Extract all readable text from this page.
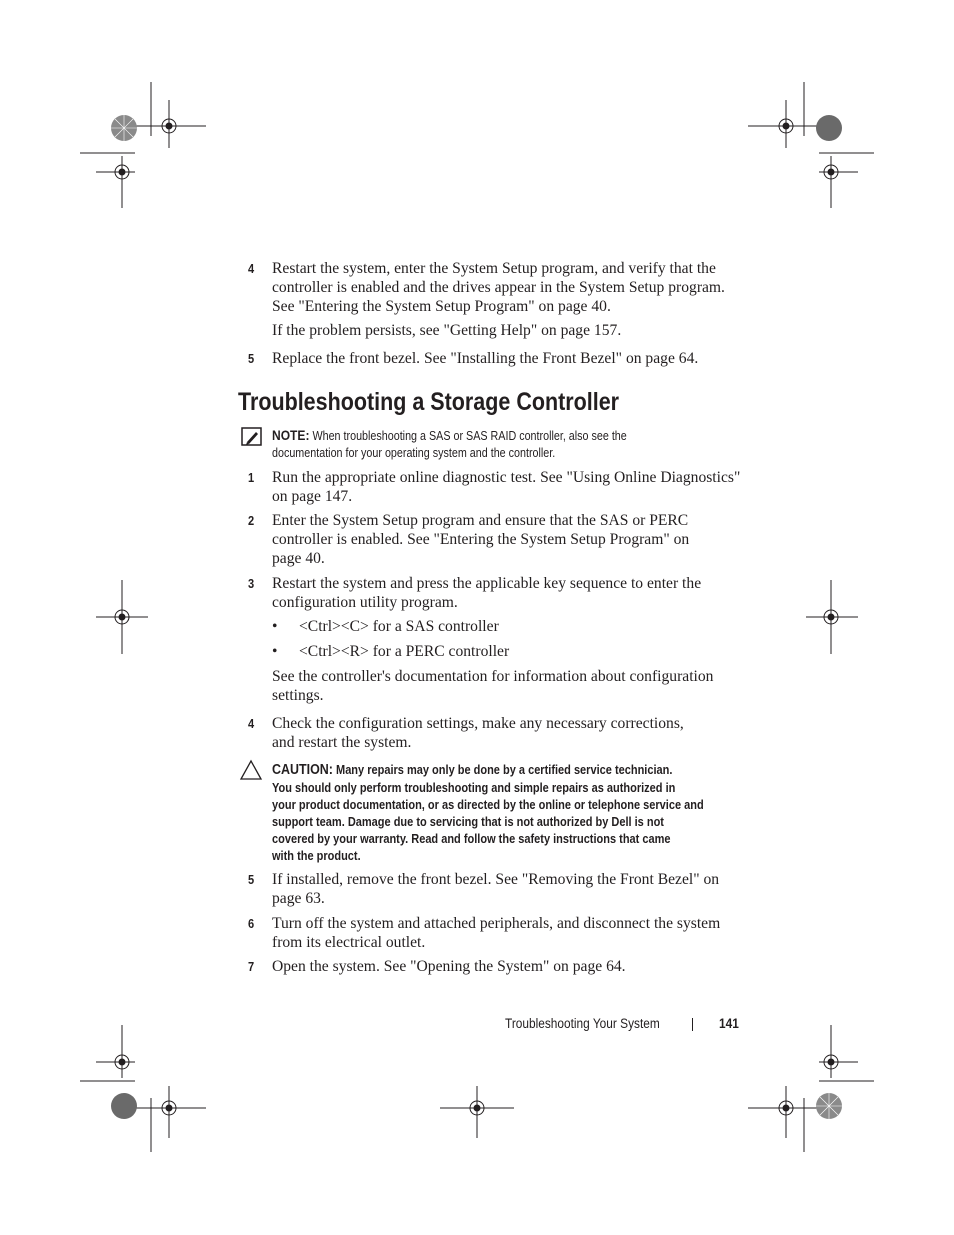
4 Restart the system, enter the System Setup program, and verify that the
controller is enabled and the drives appear in the System Setup program.
See "Entering the System Setup Program" on page 40.
If the problem persists, see "Getting Help" on page 157.
5 Replace the front bezel. See "Installing the Front Bezel" on page 64.
Troubleshooting a Storage Controller
NOTE: When troubleshooting a SAS or SAS RAID controller, also see the
documentation for your operating system and the controller.
1 Run the appropriate online diagnostic test. See "Using Online Diagnostics"
on page 147.
2 Enter the System Setup program and ensure that the SAS or PERC
controller is enabled. See "Entering the System Setup Program" on
page 40.
3 Restart the system and press the applicable key sequence to enter the
configuration utility program.
• <Ctrl><C> for a SAS controller
• <Ctrl><R> for a PERC controller
See the controller's documentation for information about configuration
settings.
4 Check the configuration settings, make any necessary corrections,
and restart the system.
CAUTION: Many repairs may only be done by a certified service technician.
You should only perform troubleshooting and simple repairs as authorized in
your product documentation, or as directed by the online or telephone service and
support team. Damage due to servicing that is not authorized by Dell is not
covered by your warranty. Read and follow the safety instructions that came
with the product.
5 If installed, remove the front bezel. See "Removing the Front Bezel" on
page 63.
6 Turn off the system and attached peripherals, and disconnect the system
from its electrical outlet.
7 Open the system. See "Opening the System" on page 64.
Troubleshooting Your System	141
